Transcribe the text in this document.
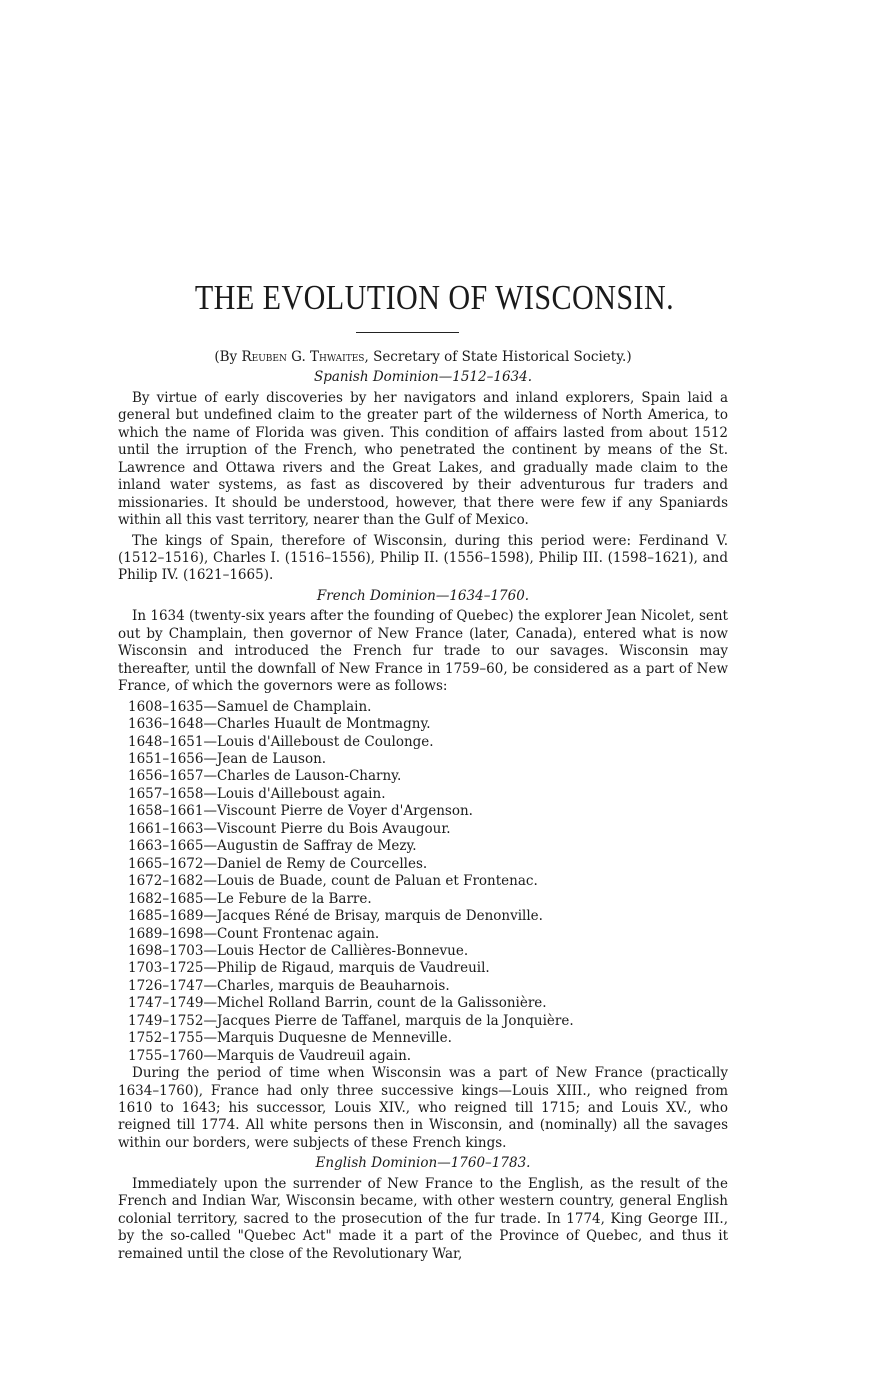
THE EVOLUTION OF WISCONSIN.

(By Reuben G. Thwaites, Secretary of State Historical Society.)

Spanish Dominion—1512–1634.

By virtue of early discoveries by her navigators and inland explorers, Spain laid a general but undefined claim to the greater part of the wilderness of North America, to which the name of Florida was given. This condition of affairs lasted from about 1512 until the irruption of the French, who penetrated the continent by means of the St. Lawrence and Ottawa rivers and the Great Lakes, and gradually made claim to the inland water systems, as fast as discovered by their adventurous fur traders and missionaries. It should be understood, however, that there were few if any Spaniards within all this vast territory, nearer than the Gulf of Mexico.

The kings of Spain, therefore of Wisconsin, during this period were: Ferdinand V. (1512–1516), Charles I. (1516–1556), Philip II. (1556–1598), Philip III. (1598–1621), and Philip IV. (1621–1665).

French Dominion—1634–1760.

In 1634 (twenty-six years after the founding of Quebec) the explorer Jean Nicolet, sent out by Champlain, then governor of New France (later, Canada), entered what is now Wisconsin and introduced the French fur trade to our savages. Wisconsin may thereafter, until the downfall of New France in 1759–60, be considered as a part of New France, of which the governors were as follows:

1608–1635—Samuel de Champlain.
1636–1648—Charles Huault de Montmagny.
1648–1651—Louis d'Ailleboust de Coulonge.
1651–1656—Jean de Lauson.
1656–1657—Charles de Lauson-Charny.
1657–1658—Louis d'Ailleboust again.
1658–1661—Viscount Pierre de Voyer d'Argenson.
1661–1663—Viscount Pierre du Bois Avaugour.
1663–1665—Augustin de Saffray de Mezy.
1665–1672—Daniel de Remy de Courcelles.
1672–1682—Louis de Buade, count de Paluan et Frontenac.
1682–1685—Le Febure de la Barre.
1685–1689—Jacques Réné de Brisay, marquis de Denonville.
1689–1698—Count Frontenac again.
1698–1703—Louis Hector de Callières-Bonnevue.
1703–1725—Philip de Rigaud, marquis de Vaudreuil.
1726–1747—Charles, marquis de Beauharnois.
1747–1749—Michel Rolland Barrin, count de la Galissonière.
1749–1752—Jacques Pierre de Taffanel, marquis de la Jonquière.
1752–1755—Marquis Duquesne de Menneville.
1755–1760—Marquis de Vaudreuil again.

During the period of time when Wisconsin was a part of New France (practically 1634–1760), France had only three successive kings—Louis XIII., who reigned from 1610 to 1643; his successor, Louis XIV., who reigned till 1715; and Louis XV., who reigned till 1774. All white persons then in Wisconsin, and (nominally) all the savages within our borders, were subjects of these French kings.

English Dominion—1760–1783.

Immediately upon the surrender of New France to the English, as the result of the French and Indian War, Wisconsin became, with other western country, general English colonial territory, sacred to the prosecution of the fur trade. In 1774, King George III., by the so-called "Quebec Act" made it a part of the Province of Quebec, and thus it remained until the close of the Revolutionary War,
